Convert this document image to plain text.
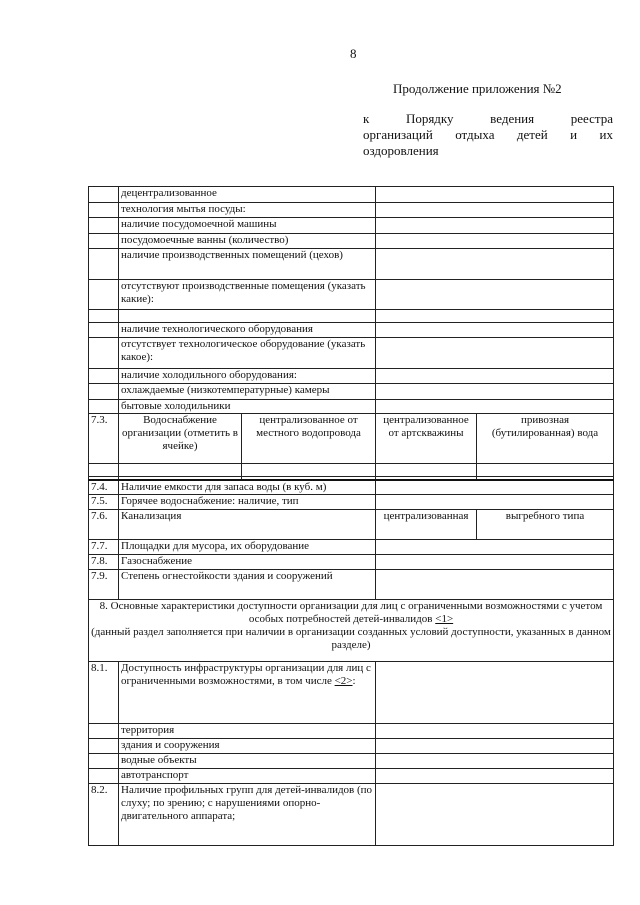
8
Продолжение приложения №2
к	Порядку	ведения	реестра
организаций отдыха детей и их
оздоровления
	децентрализованное			
	технология мытья посуды:			
	наличие посудомоечной машины			
	посудомоечные ванны (количество)			
	наличие производственных помещений (цехов)			
	отсутствуют производственные помещения (указать какие):			

	наличие технологического оборудования			
	отсутствует технологическое оборудование (указать какое):			
	наличие холодильного оборудования:			
	охлаждаемые (низкотемпературные) камеры			
	бытовые холодильники			
7.3.	Водоснабжение организации (отметить в ячейке)	централизованное от местного водопровода	централизованное от артскважины	привозная (бутилированная) вода

7.4.	Наличие емкости для запаса воды (в куб. м)			
7.5.	Горячее водоснабжение: наличие, тип			
7.6.	Канализация		централизованная	выгребного типа
7.7.	Площадки для мусора, их оборудование			
7.8.	Газоснабжение			
7.9.	Степень огнестойкости здания и сооружений			
8. Основные характеристики доступности организации для лиц с ограниченными возможностями с учетом особых потребностей детей-инвалидов <1>
(данный раздел заполняется при наличии в организации созданных условий доступности, указанных в данном разделе)				
8.1.	Доступность инфраструктуры организации для лиц с ограниченными возможностями, в том числе <2>:			
	территория			
	здания и сооружения			
	водные объекты			
	автотранспорт			
8.2.	Наличие профильных групп для детей-инвалидов (по слуху; по зрению; с нарушениями опорно-двигательного аппарата;			
